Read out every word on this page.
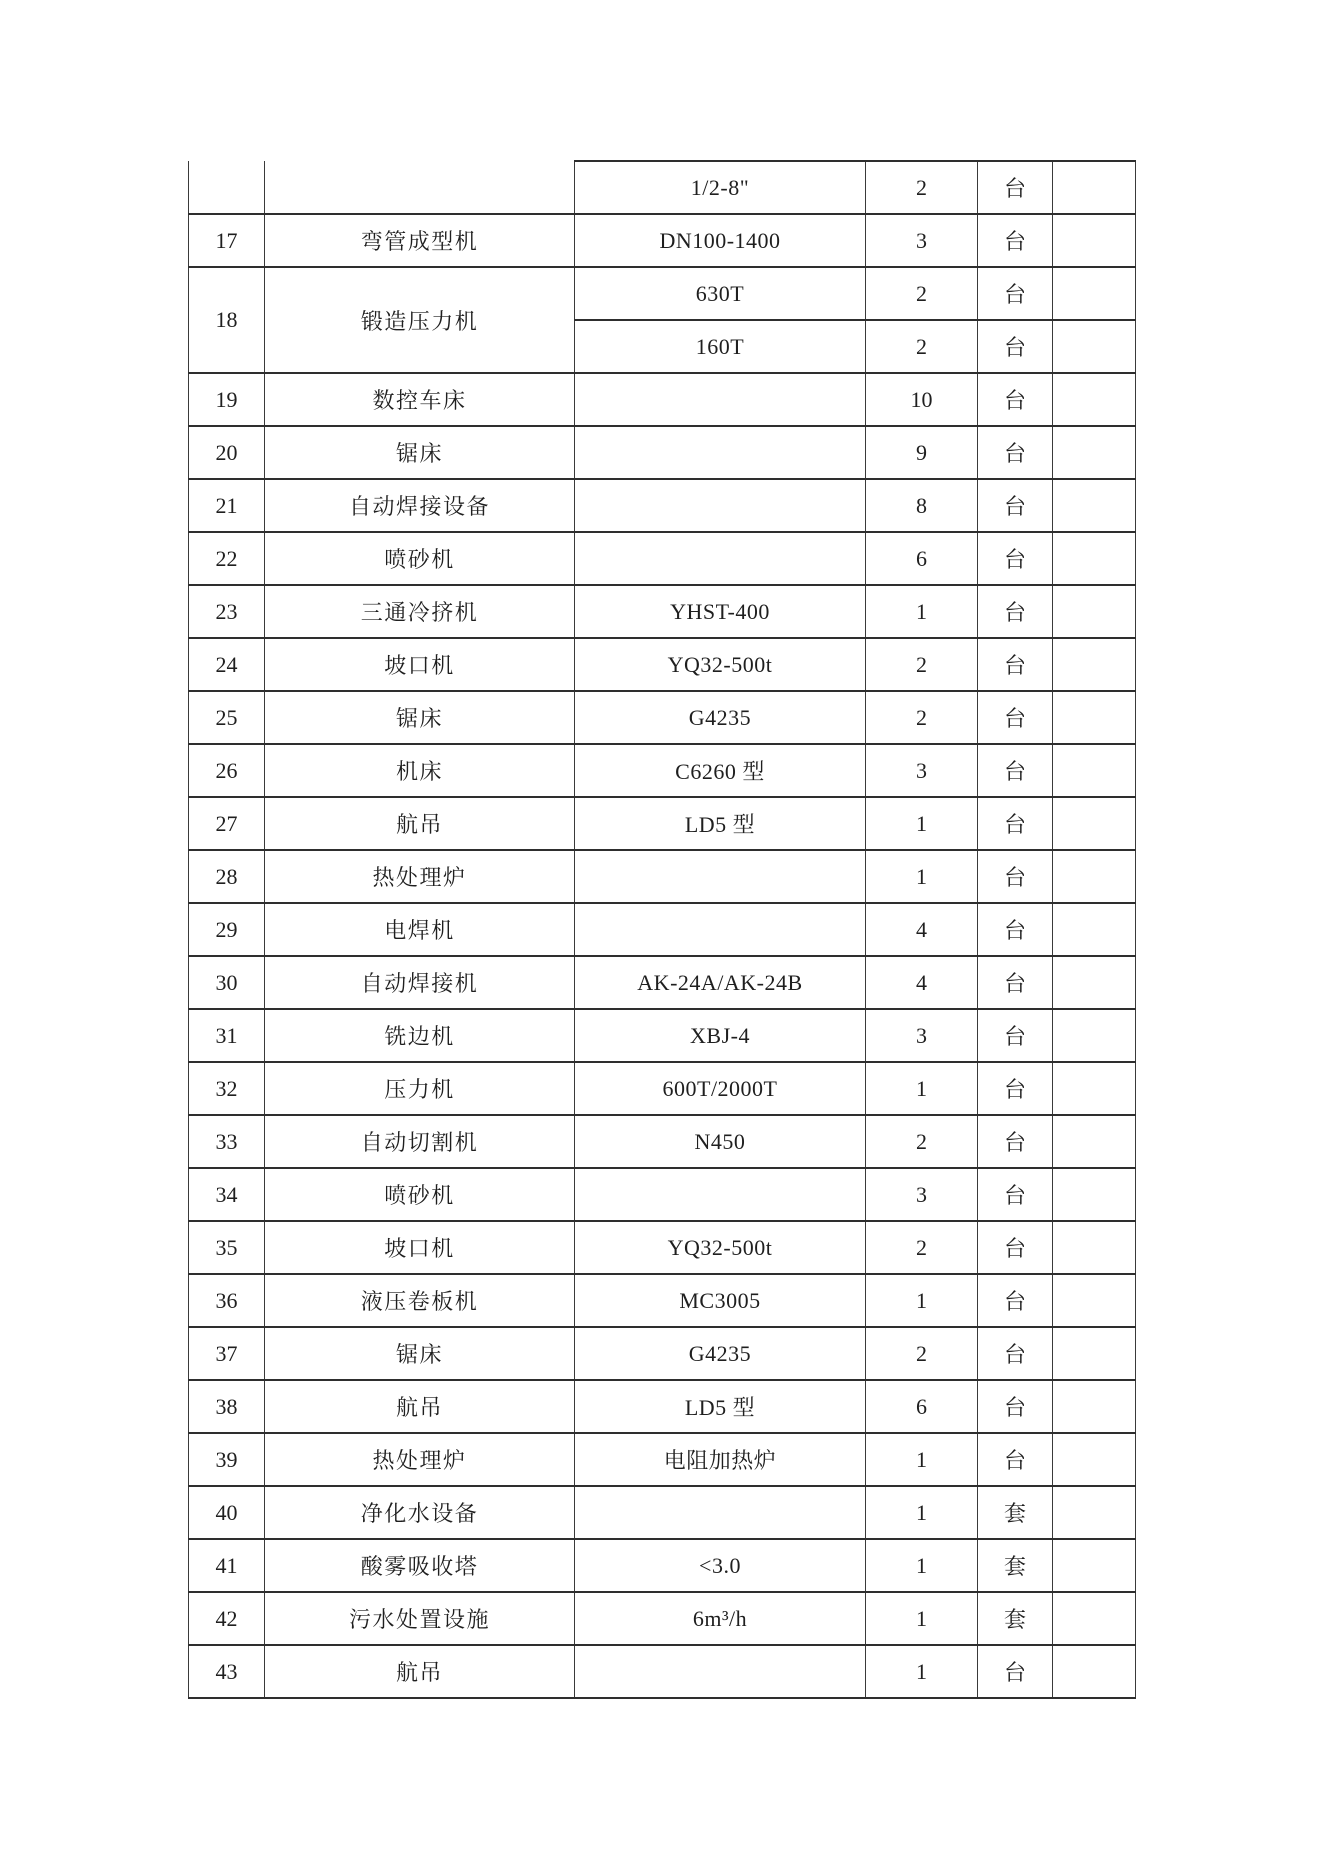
		1/2-8"	2	台	
17	弯管成型机	DN100-1400	3	台	
18	锻造压力机	630T	2	台	
		160T	2	台	
19	数控车床		10	台	
20	锯床		9	台	
21	自动焊接设备		8	台	
22	喷砂机		6	台	
23	三通冷挤机	YHST-400	1	台	
24	坡口机	YQ32-500t	2	台	
25	锯床	G4235	2	台	
26	机床	C6260 型	3	台	
27	航吊	LD5 型	1	台	
28	热处理炉		1	台	
29	电焊机		4	台	
30	自动焊接机	AK-24A/AK-24B	4	台	
31	铣边机	XBJ-4	3	台	
32	压力机	600T/2000T	1	台	
33	自动切割机	N450	2	台	
34	喷砂机		3	台	
35	坡口机	YQ32-500t	2	台	
36	液压卷板机	MC3005	1	台	
37	锯床	G4235	2	台	
38	航吊	LD5 型	6	台	
39	热处理炉	电阻加热炉	1	台	
40	净化水设备		1	套	
41	酸雾吸收塔	<3.0	1	套	
42	污水处置设施	6m³/h	1	套	
43	航吊		1	台	
